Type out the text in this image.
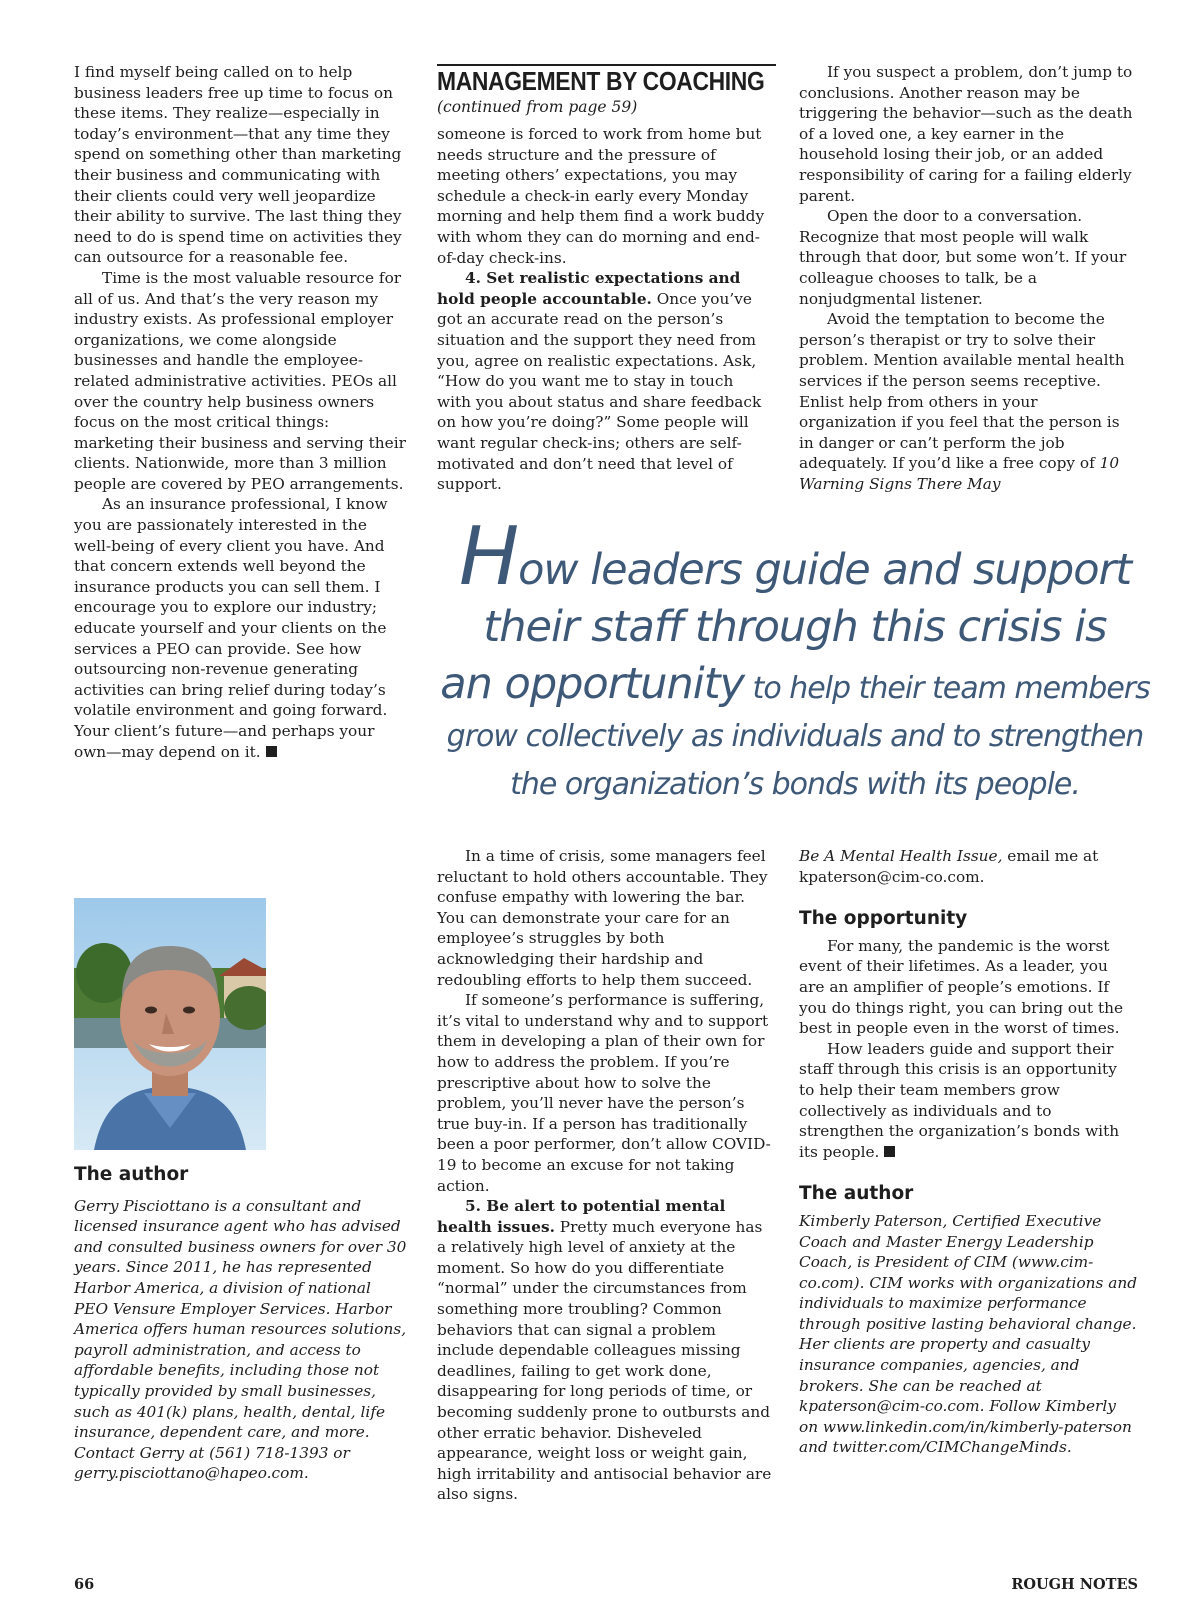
I find myself being called on to help business leaders free up time to focus on these items. They realize—especially in today’s environment—that any time they spend on something other than marketing their business and communicating with their clients could very well jeopardize their ability to survive. The last thing they need to do is spend time on activities they can outsource for a reasonable fee.

Time is the most valuable resource for all of us. And that’s the very reason my industry exists. As professional employer organizations, we come alongside businesses and handle the employee-related administrative activities. PEOs all over the country help business owners focus on the most critical things: marketing their business and serving their clients. Nationwide, more than 3 million people are covered by PEO arrangements.

As an insurance professional, I know you are passionately interested in the well-being of every client you have. And that concern extends well beyond the insurance products you can sell them. I encourage you to explore our industry; educate yourself and your clients on the services a PEO can provide. See how outsourcing non-revenue generating activities can bring relief during today’s volatile environment and going forward. Your client’s future—and perhaps your own—may depend on it.

The author

Gerry Pisciottano is a consultant and licensed insurance agent who has advised and consulted business owners for over 30 years. Since 2011, he has represented Harbor America, a division of national PEO Vensure Employer Services. Harbor America offers human resources solutions, payroll administration, and access to affordable benefits, including those not typically provided by small businesses, such as 401(k) plans, health, dental, life insurance, dependent care, and more. Contact Gerry at (561) 718-1393 or gerry.pisciottano@hapeo.com.

MANAGEMENT BY COACHING
(continued from page 59)

someone is forced to work from home but needs structure and the pressure of meeting others’ expectations, you may schedule a check-in early every Monday morning and help them find a work buddy with whom they can do morning and end-of-day check-ins.

4. Set realistic expectations and hold people accountable. Once you’ve got an accurate read on the person’s situation and the support they need from you, agree on realistic expectations. Ask, “How do you want me to stay in touch with you about status and share feedback on how you’re doing?” Some people will want regular check-ins; others are self-motivated and don’t need that level of support.

If you suspect a problem, don’t jump to conclusions. Another reason may be triggering the behavior—such as the death of a loved one, a key earner in the household losing their job, or an added responsibility of caring for a failing elderly parent.

Open the door to a conversation. Recognize that most people will walk through that door, but some won’t. If your colleague chooses to talk, be a nonjudgmental listener.

Avoid the temptation to become the person’s therapist or try to solve their problem. Mention available mental health services if the person seems receptive. Enlist help from others in your organization if you feel that the person is in danger or can’t perform the job adequately. If you’d like a free copy of 10 Warning Signs There May

How leaders guide and support
their staff through this crisis is
an opportunity to help their team members
grow collectively as individuals and to strengthen
the organization’s bonds with its people.

In a time of crisis, some managers feel reluctant to hold others accountable. They confuse empathy with lowering the bar. You can demonstrate your care for an employee’s struggles by both acknowledging their hardship and redoubling efforts to help them succeed.

If someone’s performance is suffering, it’s vital to understand why and to support them in developing a plan of their own for how to address the problem. If you’re prescriptive about how to solve the problem, you’ll never have the person’s true buy-in. If a person has traditionally been a poor performer, don’t allow COVID-19 to become an excuse for not taking action.

5. Be alert to potential mental health issues. Pretty much everyone has a relatively high level of anxiety at the moment. So how do you differentiate “normal” under the circumstances from something more troubling? Common behaviors that can signal a problem include dependable colleagues missing deadlines, failing to get work done, disappearing for long periods of time, or becoming suddenly prone to outbursts and other erratic behavior. Disheveled appearance, weight loss or weight gain, high irritability and antisocial behavior are also signs.

Be A Mental Health Issue, email me at kpaterson@cim-co.com.

The opportunity

For many, the pandemic is the worst event of their lifetimes. As a leader, you are an amplifier of people’s emotions. If you do things right, you can bring out the best in people even in the worst of times.

How leaders guide and support their staff through this crisis is an opportunity to help their team members grow collectively as individuals and to strengthen the organization’s bonds with its people.

The author

Kimberly Paterson, Certified Executive Coach and Master Energy Leadership Coach, is President of CIM (www.cim-co.com). CIM works with organizations and individuals to maximize performance through positive lasting behavioral change. Her clients are property and casualty insurance companies, agencies, and brokers. She can be reached at kpaterson@cim-co.com. Follow Kimberly on www.linkedin.com/in/kimberly-paterson and twitter.com/CIMChangeMinds.

66	ROUGH NOTES
